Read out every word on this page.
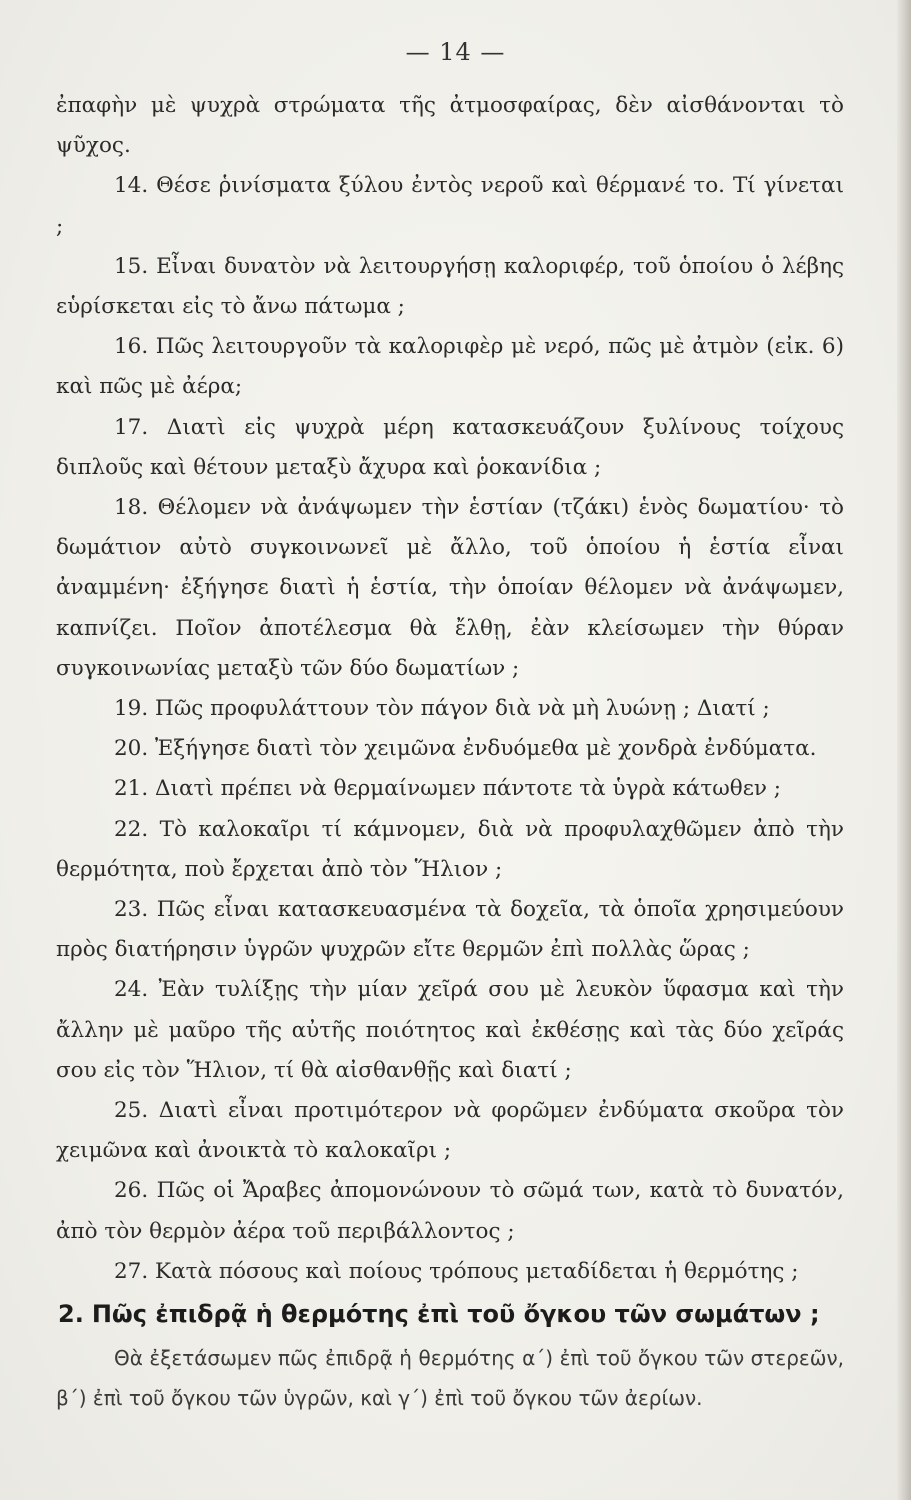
— 14 —

ἐπαφὴν μὲ ψυχρὰ στρώματα τῆς ἀτμοσφαίρας, δὲν αἰσθάνονται τὸ ψῦχος.

14. Θέσε ῥινίσματα ξύλου ἐντὸς νεροῦ καὶ θέρμανέ το. Τί γίνεται ;

15. Εἶναι δυνατὸν νὰ λειτουργήσῃ καλοριφέρ, τοῦ ὁποίου ὁ λέβης εὑρίσκεται εἰς τὸ ἄνω πάτωμα ;

16. Πῶς λειτουργοῦν τὰ καλοριφὲρ μὲ νερό, πῶς μὲ ἀτμὸν (εἰκ. 6) καὶ πῶς μὲ ἀέρα;

17. Διατὶ εἰς ψυχρὰ μέρη κατασκευάζουν ξυλίνους τοίχους διπλοῦς καὶ θέτουν μεταξὺ ἄχυρα καὶ ῥοκανίδια ;

18. Θέλομεν νὰ ἀνάψωμεν τὴν ἑστίαν (τζάκι) ἑνὸς δωματίου· τὸ δωμάτιον αὐτὸ συγκοινωνεῖ μὲ ἄλλο, τοῦ ὁποίου ἡ ἑστία εἶναι ἀναμμένη· ἐξήγησε διατὶ ἡ ἑστία, τὴν ὁποίαν θέλομεν νὰ ἀνάψωμεν, καπνίζει. Ποῖον ἀποτέλεσμα θὰ ἔλθῃ, ἐὰν κλείσωμεν τὴν θύραν συγκοινωνίας μεταξὺ τῶν δύο δωματίων ;

19. Πῶς προφυλάττουν τὸν πάγον διὰ νὰ μὴ λυώνῃ ; Διατί ;

20. Ἐξήγησε διατὶ τὸν χειμῶνα ἐνδυόμεθα μὲ χονδρὰ ἐνδύματα.

21. Διατὶ πρέπει νὰ θερμαίνωμεν πάντοτε τὰ ὑγρὰ κάτωθεν ;

22. Τὸ καλοκαῖρι τί κάμνομεν, διὰ νὰ προφυλαχθῶμεν ἀπὸ τὴν θερμότητα, ποὺ ἔρχεται ἀπὸ τὸν Ἥλιον ;

23. Πῶς εἶναι κατασκευασμένα τὰ δοχεῖα, τὰ ὁποῖα χρησιμεύουν πρὸς διατήρησιν ὑγρῶν ψυχρῶν εἴτε θερμῶν ἐπὶ πολλὰς ὥρας ;

24. Ἐὰν τυλίξῃς τὴν μίαν χεῖρά σου μὲ λευκὸν ὕφασμα καὶ τὴν ἄλλην μὲ μαῦρο τῆς αὐτῆς ποιότητος καὶ ἐκθέσῃς καὶ τὰς δύο χεῖράς σου εἰς τὸν Ἥλιον, τί θὰ αἰσθανθῇς καὶ διατί ;

25. Διατὶ εἶναι προτιμότερον νὰ φορῶμεν ἐνδύματα σκοῦρα τὸν χειμῶνα καὶ ἀνοικτὰ τὸ καλοκαῖρι ;

26. Πῶς οἱ Ἄραβες ἀπομονώνουν τὸ σῶμά των, κατὰ τὸ δυνατόν, ἀπὸ τὸν θερμὸν ἀέρα τοῦ περιβάλλοντος ;

27. Κατὰ πόσους καὶ ποίους τρόπους μεταδίδεται ἡ θερμότης ;

2. Πῶς ἐπιδρᾷ ἡ θερμότης ἐπὶ τοῦ ὄγκου τῶν σωμάτων ;

Θὰ ἐξετάσωμεν πῶς ἐπιδρᾷ ἡ θερμότης α΄) ἐπὶ τοῦ ὄγκου τῶν στερεῶν, β΄) ἐπὶ τοῦ ὄγκου τῶν ὑγρῶν, καὶ γ΄) ἐπὶ τοῦ ὄγκου τῶν ἀερίων.
